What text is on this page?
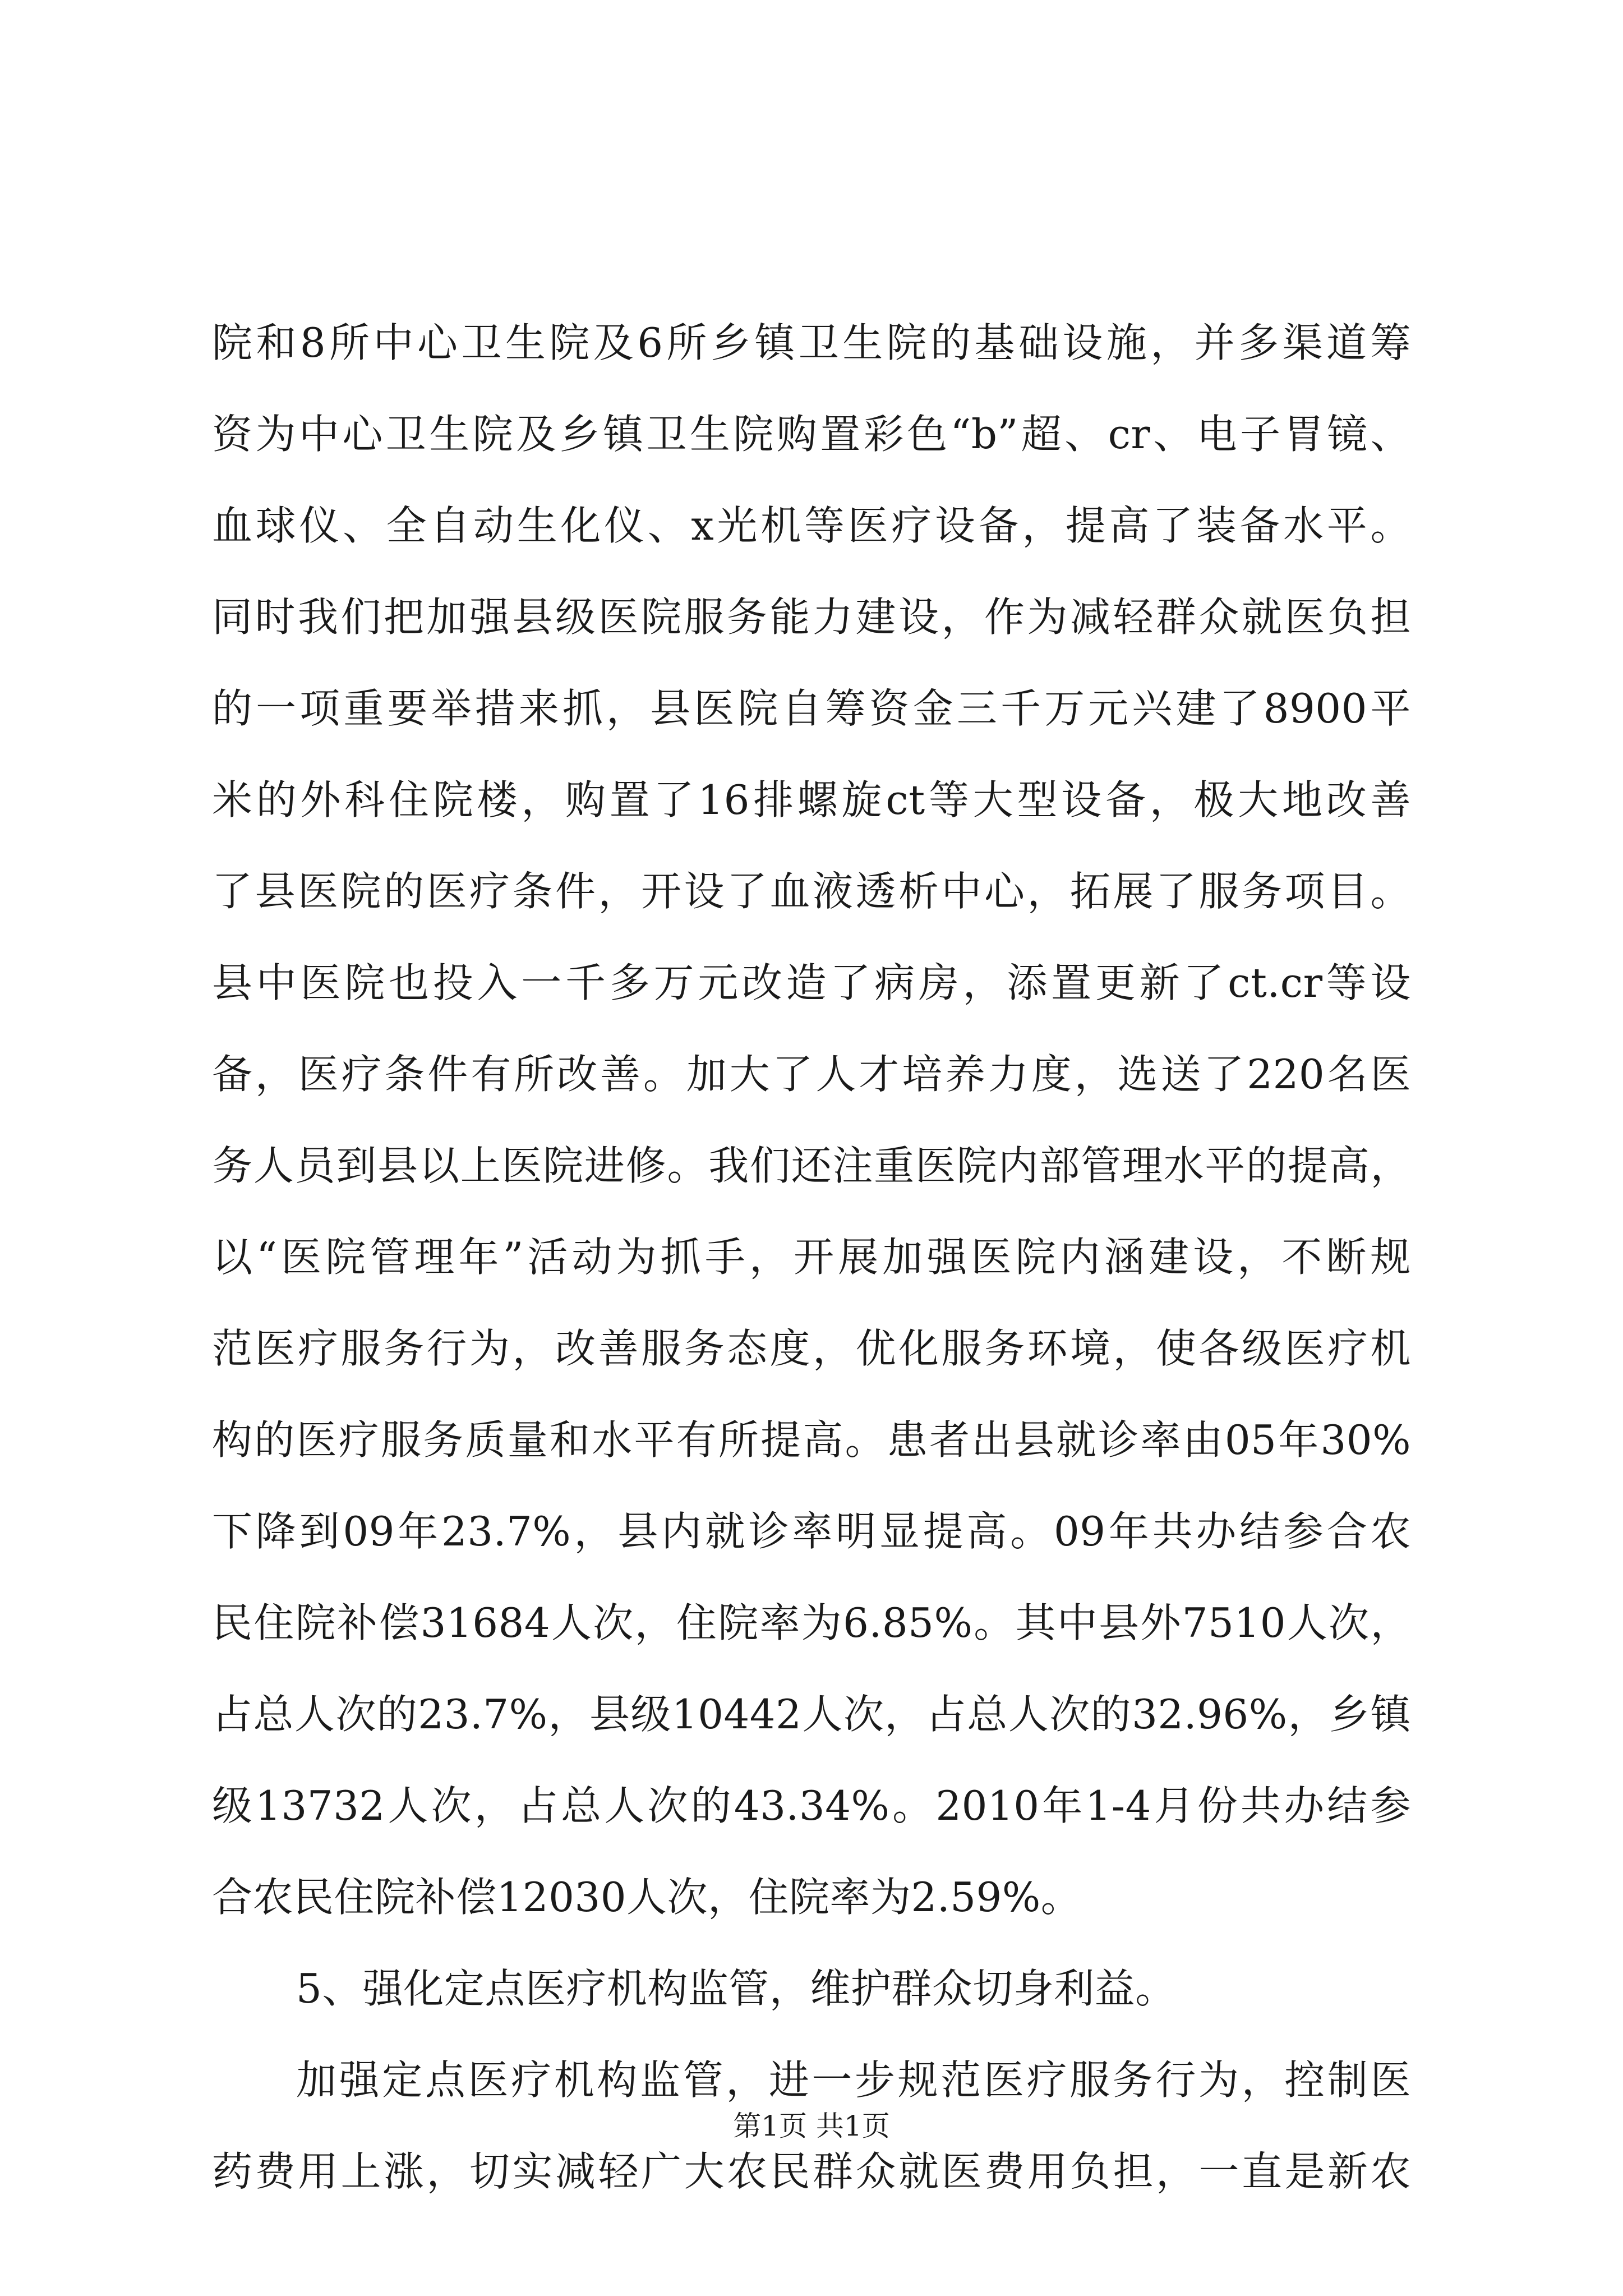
院和8所中心卫生院及6所乡镇卫生院的基础设施，并多渠道筹
资为中心卫生院及乡镇卫生院购置彩色“b”超、cr、电子胃镜、
血球仪、全自动生化仪、x光机等医疗设备，提高了装备水平。
同时我们把加强县级医院服务能力建设，作为减轻群众就医负担
的一项重要举措来抓，县医院自筹资金三千万元兴建了8900平
米的外科住院楼，购置了16排螺旋ct等大型设备，极大地改善
了县医院的医疗条件，开设了血液透析中心，拓展了服务项目。
县中医院也投入一千多万元改造了病房，添置更新了ct.cr等设
备，医疗条件有所改善。加大了人才培养力度，选送了220名医
务人员到县以上医院进修。我们还注重医院内部管理水平的提高，
以“医院管理年”活动为抓手，开展加强医院内涵建设，不断规
范医疗服务行为，改善服务态度，优化服务环境，使各级医疗机
构的医疗服务质量和水平有所提高。患者出县就诊率由05年30%
下降到09年23.7%，县内就诊率明显提高。09年共办结参合农
民住院补偿31684人次，住院率为6.85%。其中县外7510人次，
占总人次的23.7%，县级10442人次，占总人次的32.96%，乡镇
级13732人次，占总人次的43.34%。2010年1-4月份共办结参
合农民住院补偿12030人次，住院率为2.59%。
5、强化定点医疗机构监管，维护群众切身利益。
加强定点医疗机构监管，进一步规范医疗服务行为，控制医
药费用上涨，切实减轻广大农民群众就医费用负担，一直是新农
第1页 共1页
